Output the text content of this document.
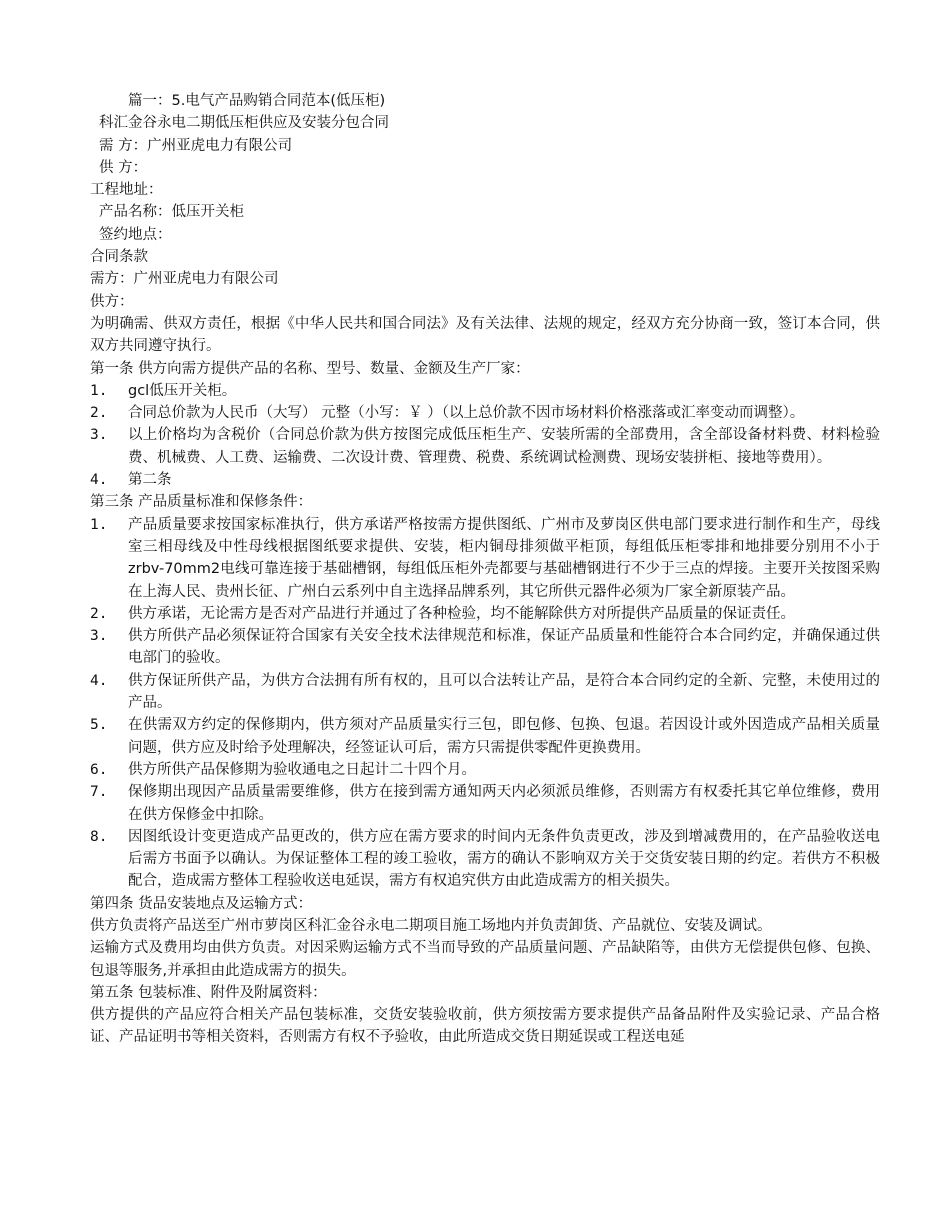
篇一：5.电气产品购销合同范本(低压柜)
科汇金谷永电二期低压柜供应及安装分包合同
需 方：广州亚虎电力有限公司
供 方：
工程地址：
产品名称：低压开关柜
签约地点：
合同条款
需方：广州亚虎电力有限公司
供方：
为明确需、供双方责任，根据《中华人民共和国合同法》及有关法律、法规的规定，经双方充分协商一致，签订本合同，供双方共同遵守执行。
第一条 供方向需方提供产品的名称、型号、数量、金额及生产厂家：
1.	gcl低压开关柜。
2.	合同总价款为人民币（大写） 元整（小写：￥ ）（以上总价款不因市场材料价格涨落或汇率变动而调整）。
3.	以上价格均为含税价（合同总价款为供方按图完成低压柜生产、安装所需的全部费用，含全部设备材料费、材料检验费、机械费、人工费、运输费、二次设计费、管理费、税费、系统调试检测费、现场安装拼柜、接地等费用）。
4.	第二条
第三条 产品质量标准和保修条件：
1.	产品质量要求按国家标准执行，供方承诺严格按需方提供图纸、广州市及萝岗区供电部门要求进行制作和生产，母线室三相母线及中性母线根据图纸要求提供、安装，柜内铜母排须做平柜顶，每组低压柜零排和地排要分别用不小于zrbv-70mm2电线可靠连接于基础槽钢，每组低压柜外壳都要与基础槽钢进行不少于三点的焊接。主要开关按图采购在上海人民、贵州长征、广州白云系列中自主选择品牌系列，其它所供元器件必须为厂家全新原装产品。
2.	供方承诺，无论需方是否对产品进行并通过了各种检验，均不能解除供方对所提供产品质量的保证责任。
3.	供方所供产品必须保证符合国家有关安全技术法律规范和标准，保证产品质量和性能符合本合同约定，并确保通过供电部门的验收。
4.	供方保证所供产品，为供方合法拥有所有权的，且可以合法转让产品，是符合本合同约定的全新、完整，未使用过的产品。
5.	在供需双方约定的保修期内，供方须对产品质量实行三包，即包修、包换、包退。若因设计或外因造成产品相关质量问题，供方应及时给予处理解决，经签证认可后，需方只需提供零配件更换费用。
6.	供方所供产品保修期为验收通电之日起计二十四个月。
7.	保修期出现因产品质量需要维修，供方在接到需方通知两天内必须派员维修，否则需方有权委托其它单位维修，费用在供方保修金中扣除。
8.	因图纸设计变更造成产品更改的，供方应在需方要求的时间内无条件负责更改，涉及到增减费用的，在产品验收送电后需方书面予以确认。为保证整体工程的竣工验收，需方的确认不影响双方关于交货安装日期的约定。若供方不积极配合，造成需方整体工程验收送电延误，需方有权追究供方由此造成需方的相关损失。
第四条 货品安装地点及运输方式：
供方负责将产品送至广州市萝岗区科汇金谷永电二期项目施工场地内并负责卸货、产品就位、安装及调试。
运输方式及费用均由供方负责。对因采购运输方式不当而导致的产品质量问题、产品缺陷等，由供方无偿提供包修、包换、包退等服务,并承担由此造成需方的损失。
第五条 包装标准、附件及附属资料：
供方提供的产品应符合相关产品包装标准，交货安装验收前，供方须按需方要求提供产品备品附件及实验记录、产品合格证、产品证明书等相关资料，否则需方有权不予验收，由此所造成交货日期延误或工程送电延
